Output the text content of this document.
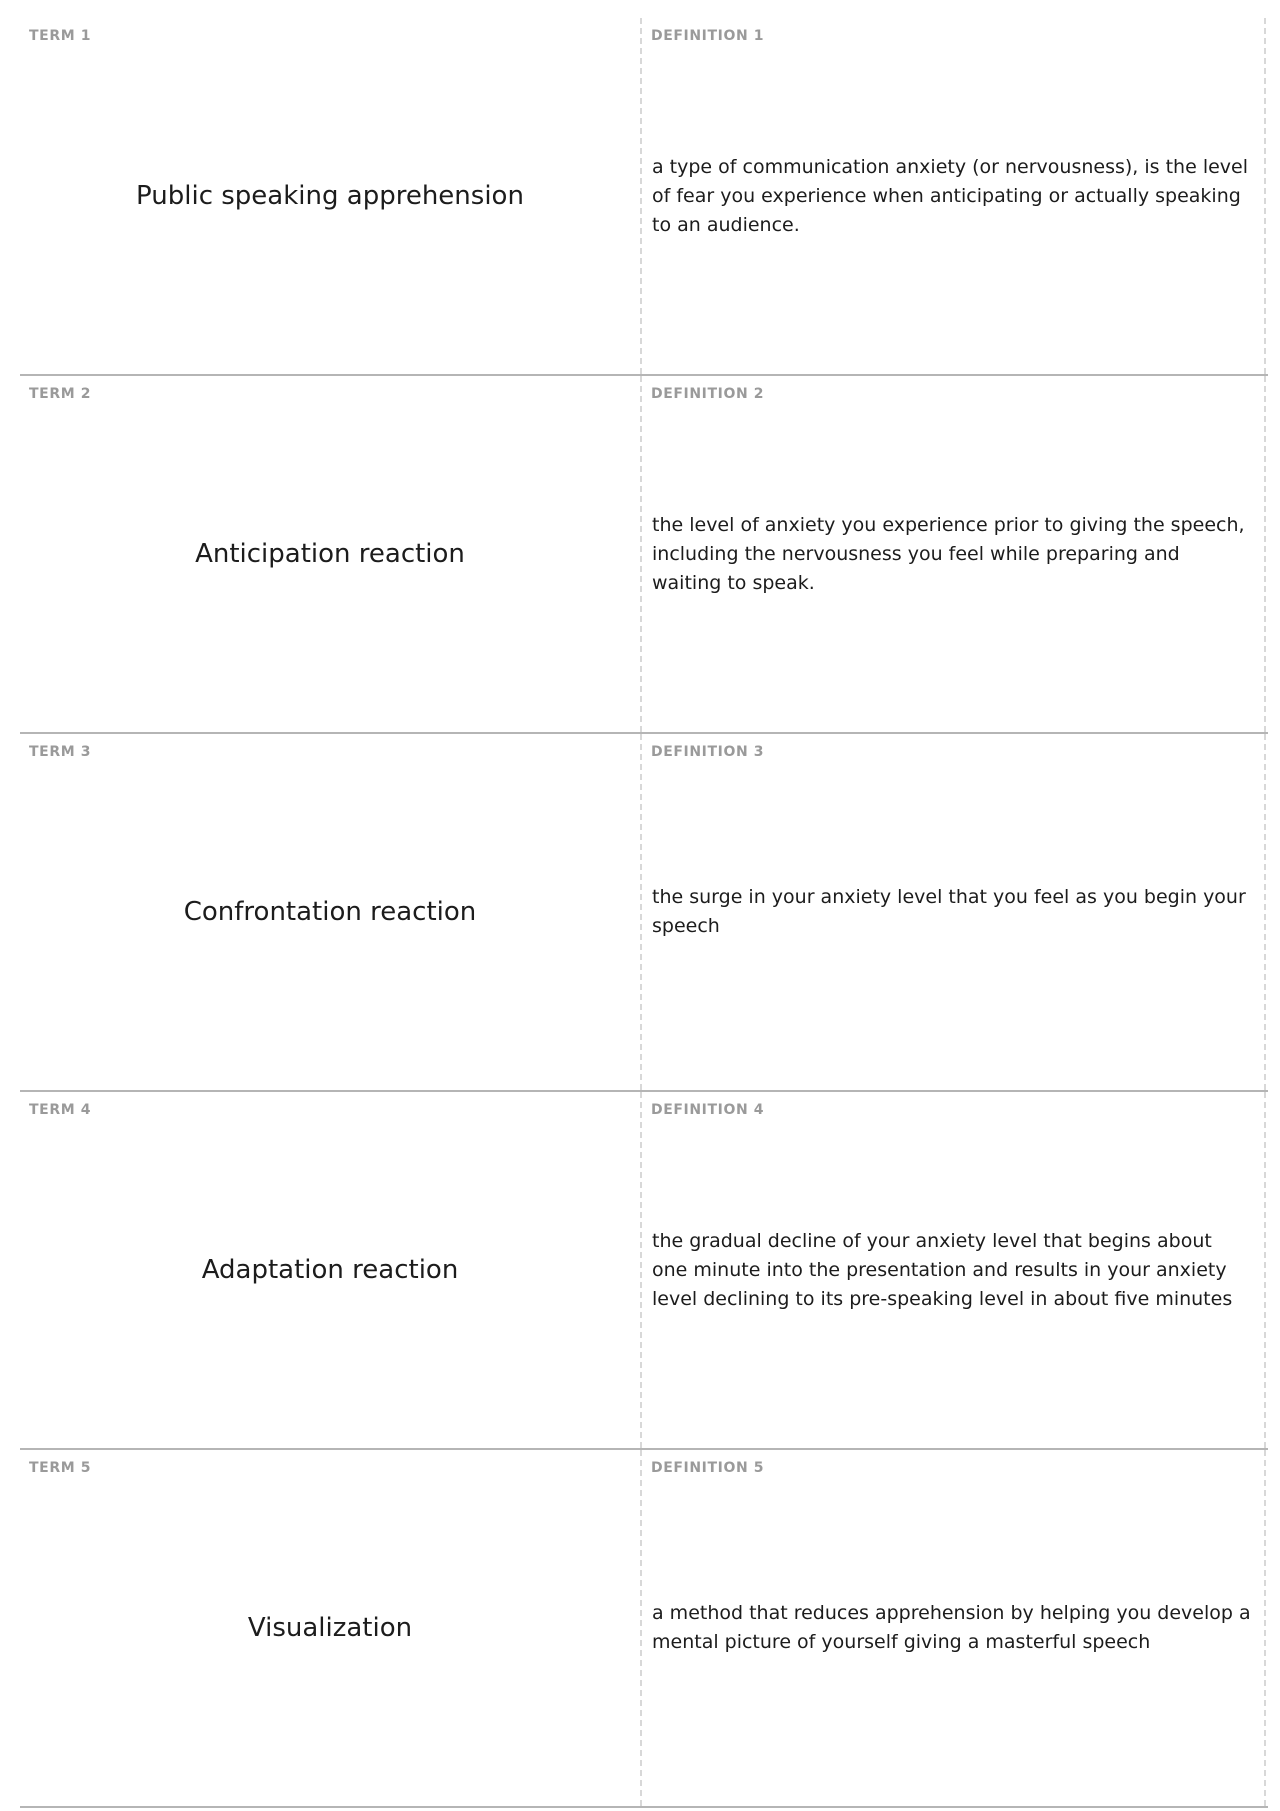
TERM 1
Public speaking apprehension
DEFINITION 1
a type of communication anxiety (or nervousness), is the level of fear you experience when anticipating or actually speaking to an audience.
TERM 2
Anticipation reaction
DEFINITION 2
the level of anxiety you experience prior to giving the speech, including the nervousness you feel while preparing and waiting to speak.
TERM 3
Confrontation reaction
DEFINITION 3
the surge in your anxiety level that you feel as you begin your speech
TERM 4
Adaptation reaction
DEFINITION 4
the gradual decline of your anxiety level that begins about one minute into the presentation and results in your anxiety level declining to its pre-speaking level in about five minutes
TERM 5
Visualization
DEFINITION 5
a method that reduces apprehension by helping you develop a mental picture of yourself giving a masterful speech
